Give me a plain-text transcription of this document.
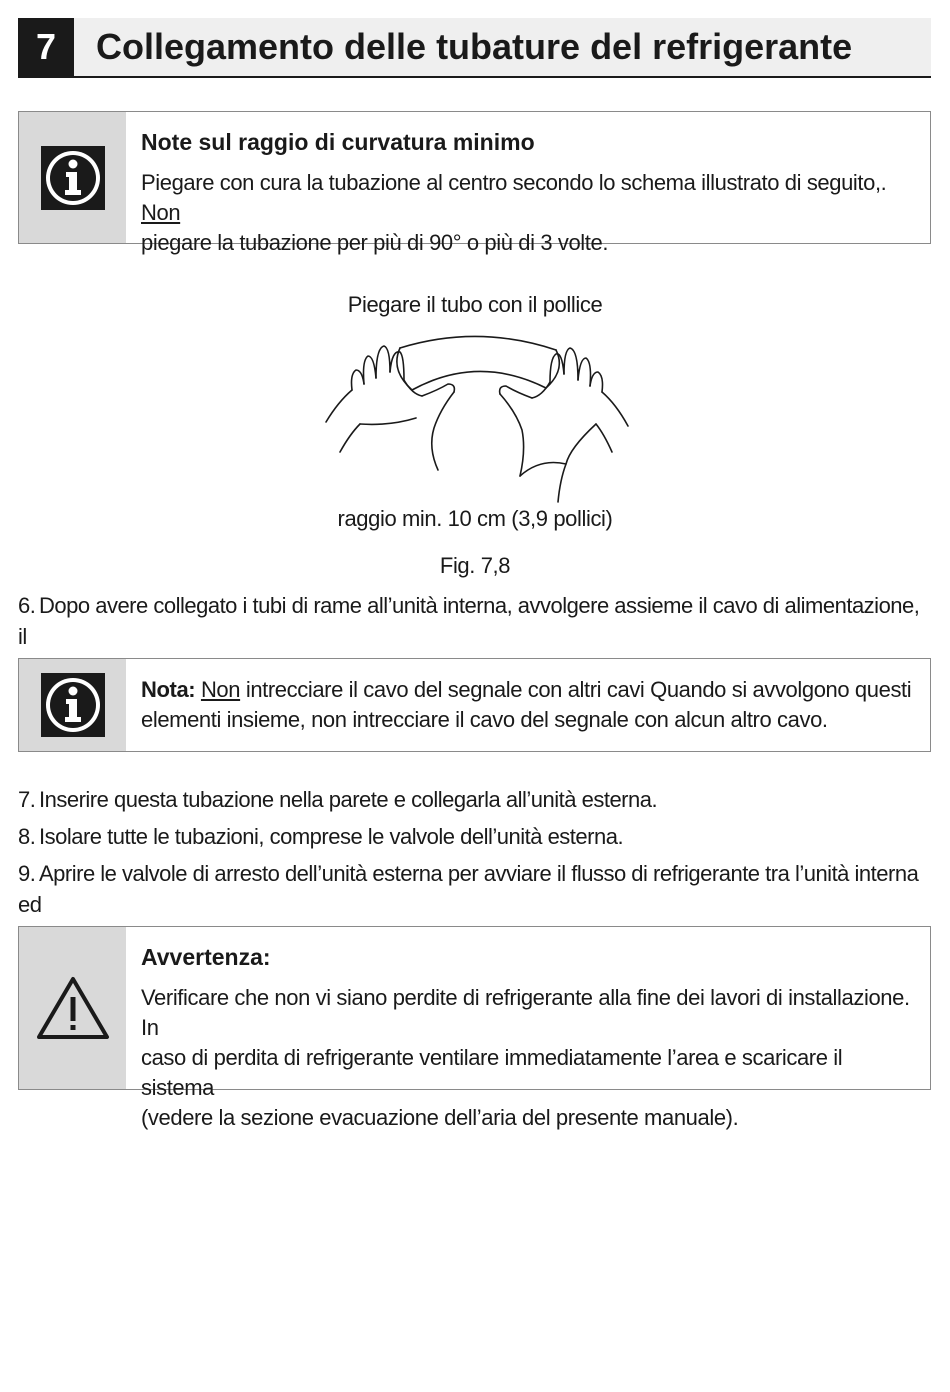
7	Collegamento delle tubature del refrigerante
Note sul raggio di curvatura minimo
Piegare con cura la tubazione al centro secondo lo schema illustrato di seguito,. Non
piegare la tubazione per più di 90° o più di 3 volte.
Piegare il tubo con il pollice
raggio min. 10 cm (3,9 pollici)
Fig. 7,8
6. Dopo avere collegato i tubi di rame all’unità interna, avvolgere assieme il cavo di alimentazione, il
Nota: Non intrecciare il cavo del segnale con altri cavi Quando si avvolgono questi
elementi insieme, non intrecciare il cavo del segnale con alcun altro cavo.
7. Inserire questa tubazione nella parete e collegarla all’unità esterna.
8. Isolare tutte le tubazioni, comprese le valvole dell’unità esterna.
9. Aprire le valvole di arresto dell’unità esterna per avviare il flusso di refrigerante tra l’unità interna ed
Avvertenza:
Verificare che non vi siano perdite di refrigerante alla fine dei lavori di installazione. In
caso di perdita di refrigerante ventilare immediatamente l’area e scaricare il sistema
(vedere la sezione evacuazione dell’aria del presente manuale).
